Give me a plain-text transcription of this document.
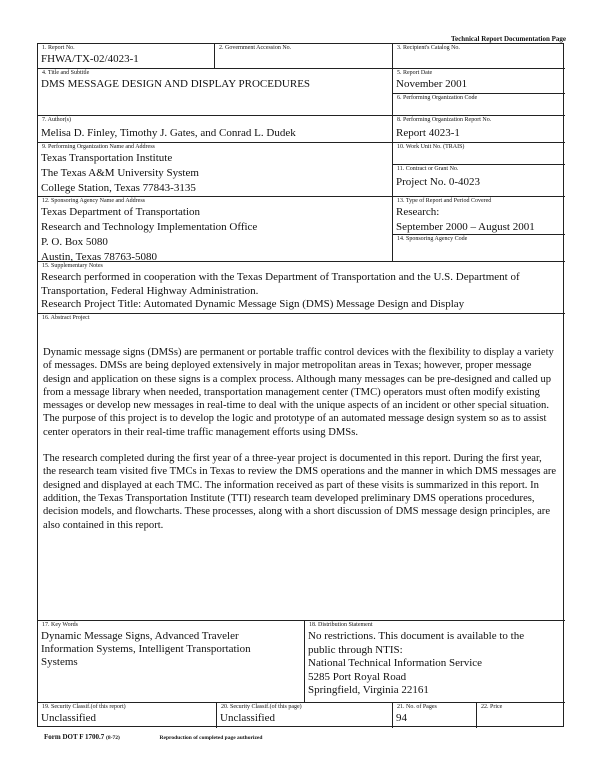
Technical Report Documentation Page
1. Report No.
FHWA/TX-02/4023-1
2. Government Accession No.	3. Recipient's Catalog No.
4. Title and Subtitle
DMS MESSAGE DESIGN AND DISPLAY PROCEDURES
5. Report Date
November 2001
6. Performing Organization Code
7. Author(s)
Melisa D. Finley, Timothy J. Gates, and Conrad L. Dudek
8. Performing Organization Report No.
Report 4023-1
9. Performing Organization Name and Address
Texas Transportation Institute
The Texas A&M University System
College Station, Texas 77843-3135
10. Work Unit No. (TRAIS)
11. Contract or Grant No.
Project No. 0-4023
12. Sponsoring Agency Name and Address
Texas Department of Transportation
Research and Technology Implementation Office
P. O. Box 5080
Austin, Texas 78763-5080
13. Type of Report and Period Covered
Research:
September 2000 – August 2001
14. Sponsoring Agency Code
15. Supplementary Notes
Research performed in cooperation with the Texas Department of Transportation and the U.S. Department of
Transportation, Federal Highway Administration.
Research Project Title: Automated Dynamic Message Sign (DMS) Message Design and Display
16. Abstract Project

Dynamic message signs (DMSs) are permanent or portable traffic control devices with the flexibility to display a variety of messages. DMSs are being deployed extensively in major metropolitan areas in Texas; however, proper message design and application on these signs is a complex process. Although many messages can be pre-designed and called up from a message library when needed, transportation management center (TMC) operators must often modify existing messages or develop new messages in real-time to deal with the unique aspects of an incident or other special situation. The purpose of this project is to develop the logic and prototype of an automated message design system so as to assist center operators in their real-time traffic management efforts using DMSs.

The research completed during the first year of a three-year project is documented in this report. During the first year, the research team visited five TMCs in Texas to review the DMS operations and the manner in which DMS messages are designed and displayed at each TMC. The information received as part of these visits is summarized in this report. In addition, the Texas Transportation Institute (TTI) research team developed preliminary DMS operations procedures, decision models, and flowcharts. These processes, along with a short discussion of DMS message design principles, are also contained in this report.

17. Key Words
Dynamic Message Signs, Advanced Traveler
Information Systems, Intelligent Transportation
Systems
18. Distribution Statement
No restrictions. This document is available to the
public through NTIS:
National Technical Information Service
5285 Port Royal Road
Springfield, Virginia 22161
19. Security Classif.(of this report)
Unclassified
20. Security Classif.(of this page)
Unclassified
21. No. of Pages
94
22. Price
Form DOT F 1700.7 (8-72)	Reproduction of completed page authorized
